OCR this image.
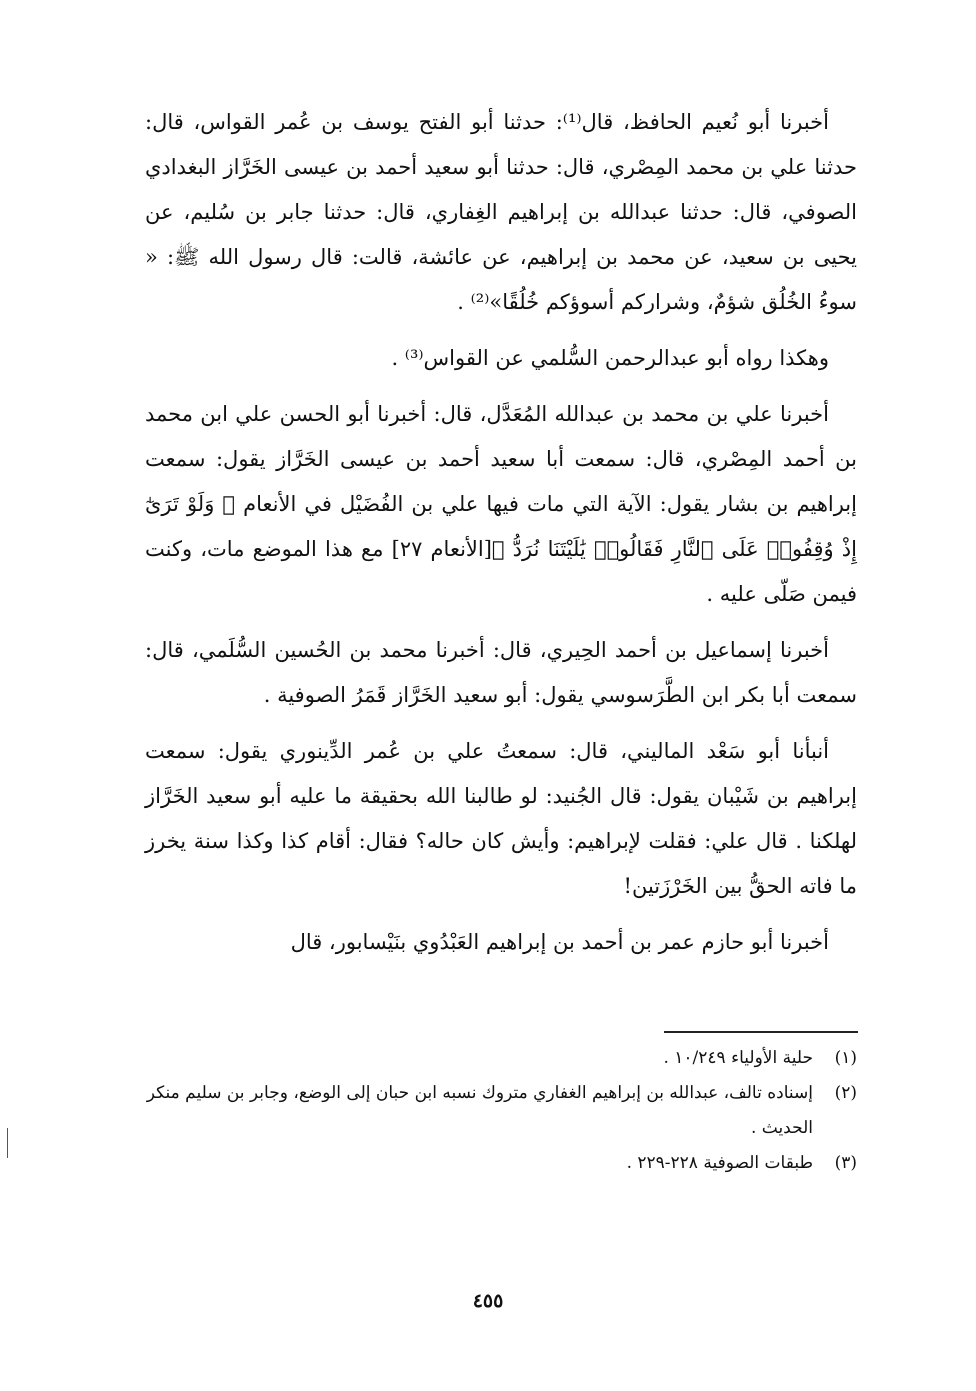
أخبرنا أبو نُعيم الحافظ، قال⁽¹⁾: حدثنا أبو الفتح يوسف بن عُمر القواس، قال: حدثنا علي بن محمد المِصْري، قال: حدثنا أبو سعيد أحمد بن عيسى الخَرَّاز البغدادي الصوفي، قال: حدثنا عبدالله بن إبراهيم الغِفاري، قال: حدثنا جابر بن سُليم، عن يحيى بن سعيد، عن محمد بن إبراهيم، عن عائشة، قالت: قال رسول الله ﷺ: « سوءُ الخُلُق شؤمٌ، وشراركم أسوؤكم خُلُقًا»⁽²⁾ .

وهكذا رواه أبو عبدالرحمن السُّلمي عن القواس⁽³⁾ .

أخبرنا علي بن محمد بن عبدالله المُعَدَّل، قال: أخبرنا أبو الحسن علي ابن محمد بن أحمد المِصْري، قال: سمعت أبا سعيد أحمد بن عيسى الخَرَّاز يقول: سمعت إبراهيم بن بشار يقول: الآية التي مات فيها علي بن الفُضَيْل في الأنعام ﴿ وَلَوْ تَرَىٰٓ إِذْ وُقِفُوا۟ عَلَى ٱلنَّارِ فَقَالُوا۟ يَٰلَيْتَنَا نُرَدُّ ﴾[الأنعام ٢٧] مع هذا الموضع مات، وكنت فيمن صَلّى عليه .

أخبرنا إسماعيل بن أحمد الحِيري، قال: أخبرنا محمد بن الحُسين السُّلَمي، قال: سمعت أبا بكر ابن الطَّرَسوسي يقول: أبو سعيد الخَرَّاز قَمَرُ الصوفية .

أنبأنا أبو سَعْد الماليني، قال: سمعتُ علي بن عُمر الدِّينوري يقول: سمعت إبراهيم بن شَيْبان يقول: قال الجُنيد: لو طالبنا الله بحقيقة ما عليه أبو سعيد الخَرَّاز لهلكنا . قال علي: فقلت لإبراهيم: وأيش كان حاله؟ فقال: أقام كذا وكذا سنة يخرز ما فاته الحقُّ بين الخَرْزَتين!

أخبرنا أبو حازم عمر بن أحمد بن إبراهيم العَبْدُوي بنَيْسابور، قال

(١)
حلية الأولياء ١٠/٢٤٩ .
(٢)
إسناده تالف، عبدالله بن إبراهيم الغفاري متروك نسبه ابن حبان إلى الوضع، وجابر بن سليم منكر الحديث .
(٣)
طبقات الصوفية ٢٢٨-٢٢٩ .
٤٥٥
